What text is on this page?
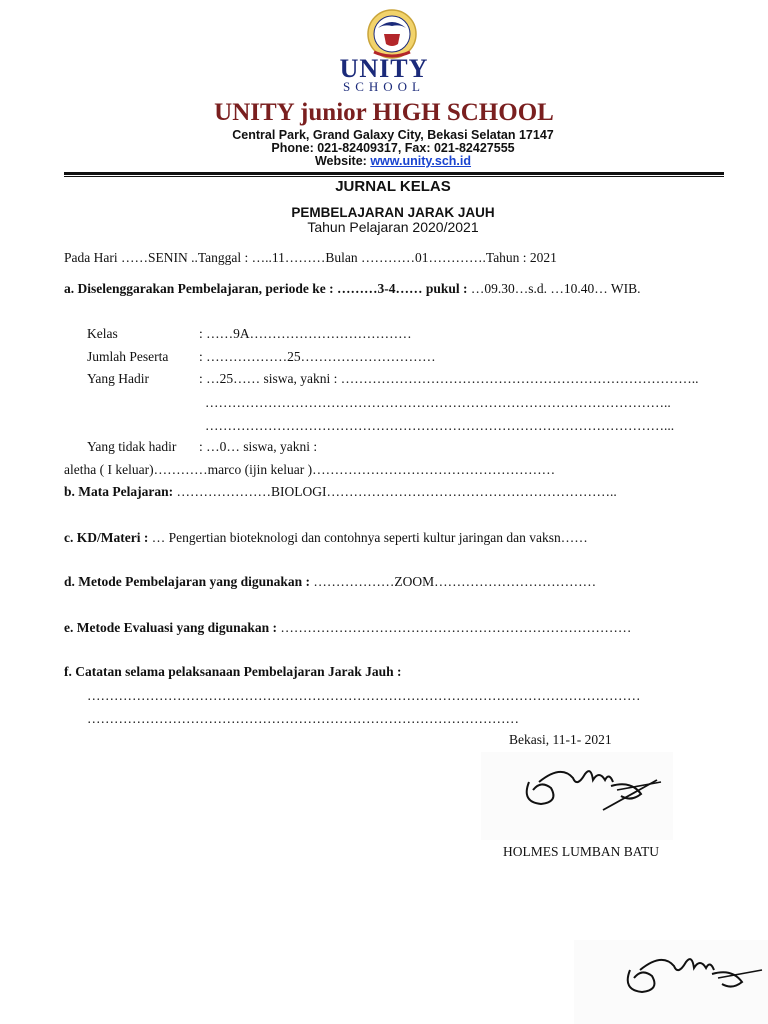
UNITY
SCHOOL
UNITY junior HIGH SCHOOL
Central Park, Grand Galaxy City, Bekasi Selatan 17147
Phone: 021-82409317, Fax: 021-82427555
Website: www.unity.sch.id
JURNAL KELAS
PEMBELAJARAN JARAK JAUH
Tahun Pelajaran 2020/2021
Pada Hari ……SENIN ..Tanggal : …..11………Bulan …………01………….Tahun : 2021
a. Diselenggarakan Pembelajaran, periode ke : ………3-4…… pukul : …09.30…s.d. …10.40… WIB.
Kelas	: ……9A………………………………
Jumlah Peserta : ………………25…………………………
Yang Hadir	: …25…… siswa, yakni : ……………………………………………………………………..
…………………………………………………………………………………………..
…………………………………………………………………………………………...
Yang tidak hadir : …0… siswa, yakni :
aletha ( I keluar)…………marco (ijin keluar )………………………………………………
b. Mata Pelajaran: …………………BIOLOGI………………………………………………………..
c. KD/Materi : … Pengertian bioteknologi dan contohnya seperti kultur jaringan dan vaksn……
d. Metode Pembelajaran yang digunakan : ………………ZOOM………………………………
e. Metode Evaluasi yang digunakan : ……………………………………………………………………
f. Catatan selama pelaksanaan Pembelajaran Jarak Jauh :
……………………………………………………………………………………………………………
……………………………………………………………………………………
Bekasi, 11-1- 2021
HOLMES LUMBAN BATU
